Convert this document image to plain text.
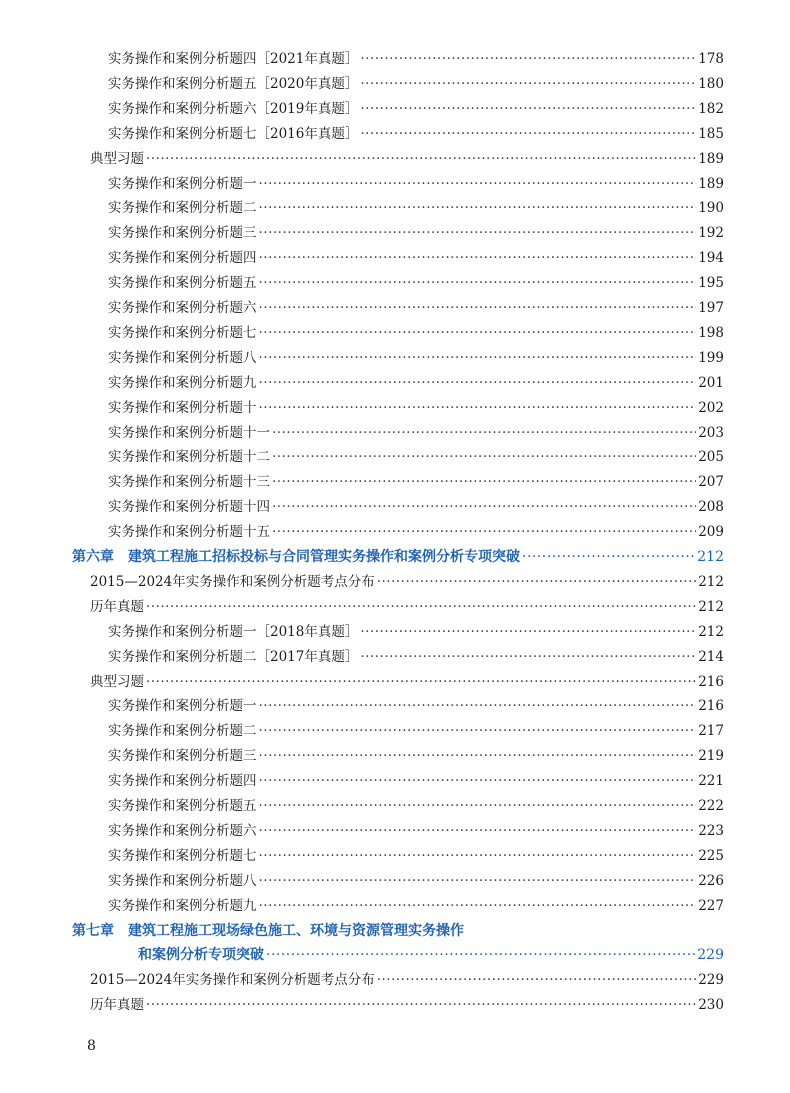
实务操作和案例分析题四［2021年真题］ ·····	178
实务操作和案例分析题五［2020年真题］ ·····	180
实务操作和案例分析题六［2019年真题］ ·····	182
实务操作和案例分析题七［2016年真题］ ·····	185
典型习题 ·····	189
实务操作和案例分析题一 ·····	189
实务操作和案例分析题二 ·····	190
实务操作和案例分析题三 ·····	192
实务操作和案例分析题四 ·····	194
实务操作和案例分析题五 ·····	195
实务操作和案例分析题六 ·····	197
实务操作和案例分析题七 ·····	198
实务操作和案例分析题八 ·····	199
实务操作和案例分析题九 ·····	201
实务操作和案例分析题十 ·····	202
实务操作和案例分析题十一 ·····	203
实务操作和案例分析题十二 ·····	205
实务操作和案例分析题十三 ·····	207
实务操作和案例分析题十四 ·····	208
实务操作和案例分析题十五 ·····	209
第六章　建筑工程施工招标投标与合同管理实务操作和案例分析专项突破 ·····	212
2015—2024年实务操作和案例分析题考点分布 ·····	212
历年真题 ·····	212
实务操作和案例分析题一［2018年真题］ ·····	212
实务操作和案例分析题二［2017年真题］ ·····	214
典型习题 ·····	216
实务操作和案例分析题一 ·····	216
实务操作和案例分析题二 ·····	217
实务操作和案例分析题三 ·····	219
实务操作和案例分析题四 ·····	221
实务操作和案例分析题五 ·····	222
实务操作和案例分析题六 ·····	223
实务操作和案例分析题七 ·····	225
实务操作和案例分析题八 ·····	226
实务操作和案例分析题九 ·····	227
第七章　建筑工程施工现场绿色施工、环境与资源管理实务操作
和案例分析专项突破 ·····	229
2015—2024年实务操作和案例分析题考点分布 ·····	229
历年真题 ·····	230
8
